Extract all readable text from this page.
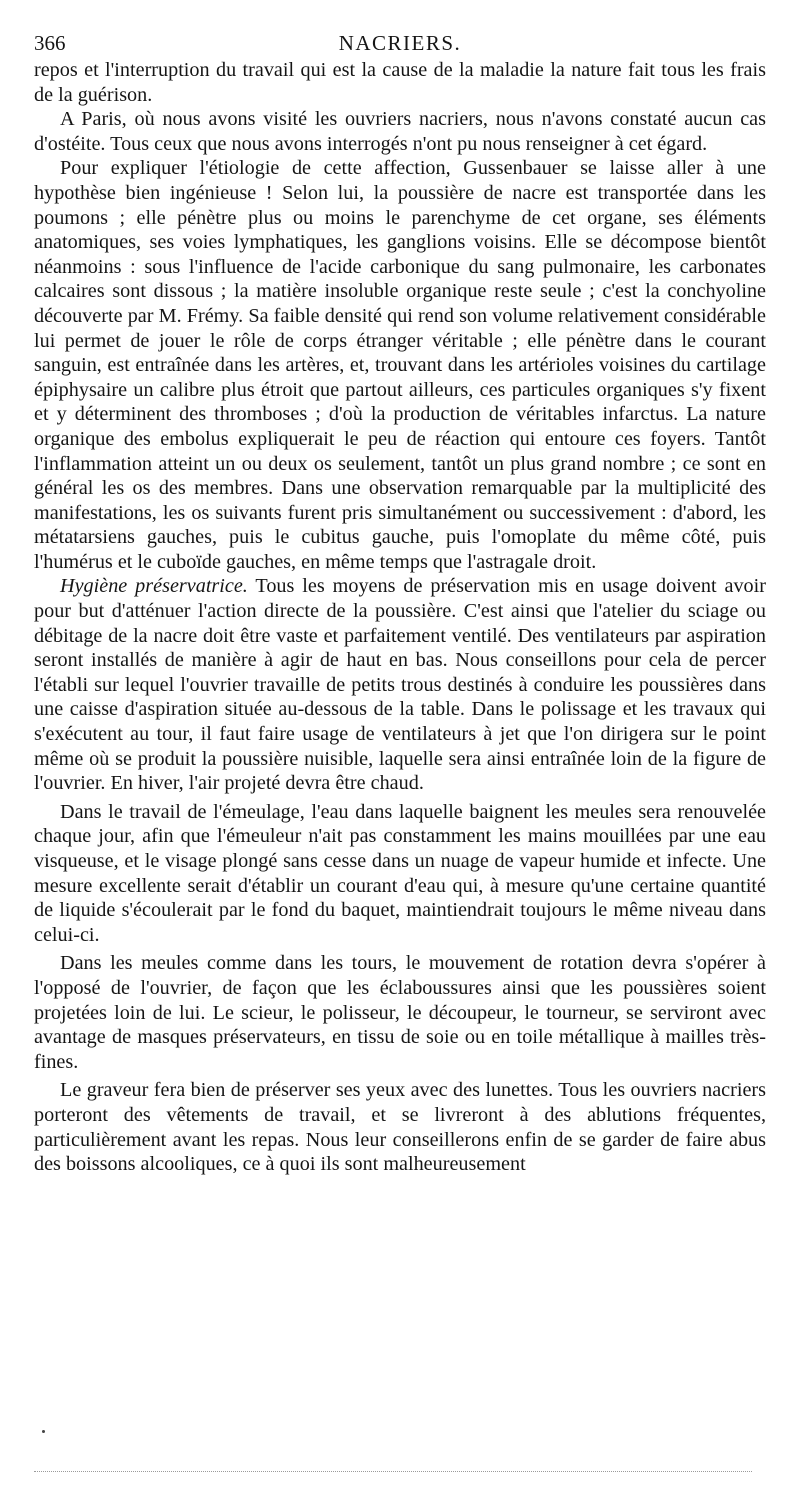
366	NACRIERS.

repos et l'interruption du travail qui est la cause de la maladie la nature fait tous les frais de la guérison.

A Paris, où nous avons visité les ouvriers nacriers, nous n'avons constaté aucun cas d'ostéite. Tous ceux que nous avons interrogés n'ont pu nous renseigner à cet égard.

Pour expliquer l'étiologie de cette affection, Gussenbauer se laisse aller à une hypothèse bien ingénieuse ! Selon lui, la poussière de nacre est transportée dans les poumons ; elle pénètre plus ou moins le parenchyme de cet organe, ses éléments anatomiques, ses voies lymphatiques, les ganglions voisins. Elle se décompose bientôt néanmoins : sous l'influence de l'acide carbonique du sang pulmonaire, les carbonates calcaires sont dissous ; la matière insoluble organique reste seule ; c'est la conchyoline découverte par M. Frémy. Sa faible densité qui rend son volume relativement considérable lui permet de jouer le rôle de corps étranger véritable ; elle pénètre dans le courant sanguin, est entraînée dans les artères, et, trouvant dans les artérioles voisines du cartilage épiphysaire un calibre plus étroit que partout ailleurs, ces particules organiques s'y fixent et y déterminent des thromboses ; d'où la production de véritables infarctus. La nature organique des embolus expliquerait le peu de réaction qui entoure ces foyers. Tantôt l'inflammation atteint un ou deux os seulement, tantôt un plus grand nombre ; ce sont en général les os des membres. Dans une observation remarquable par la multiplicité des manifestations, les os suivants furent pris simultanément ou successivement : d'abord, les métatarsiens gauches, puis le cubitus gauche, puis l'omoplate du même côté, puis l'humérus et le cuboïde gauches, en même temps que l'astragale droit.

Hygiène préservatrice. Tous les moyens de préservation mis en usage doivent avoir pour but d'atténuer l'action directe de la poussière. C'est ainsi que l'atelier du sciage ou débitage de la nacre doit être vaste et parfaitement ventilé. Des ventilateurs par aspiration seront installés de manière à agir de haut en bas. Nous conseillons pour cela de percer l'établi sur lequel l'ouvrier travaille de petits trous destinés à conduire les poussières dans une caisse d'aspiration située au-dessous de la table. Dans le polissage et les travaux qui s'exécutent au tour, il faut faire usage de ventilateurs à jet que l'on dirigera sur le point même où se produit la poussière nuisible, laquelle sera ainsi entraînée loin de la figure de l'ouvrier. En hiver, l'air projeté devra être chaud.

Dans le travail de l'émeulage, l'eau dans laquelle baignent les meules sera renouvelée chaque jour, afin que l'émeuleur n'ait pas constamment les mains mouillées par une eau visqueuse, et le visage plongé sans cesse dans un nuage de vapeur humide et infecte. Une mesure excellente serait d'établir un courant d'eau qui, à mesure qu'une certaine quantité de liquide s'écoulerait par le fond du baquet, maintiendrait toujours le même niveau dans celui-ci.

Dans les meules comme dans les tours, le mouvement de rotation devra s'opérer à l'opposé de l'ouvrier, de façon que les éclaboussures ainsi que les poussières soient projetées loin de lui. Le scieur, le polisseur, le découpeur, le tourneur, se serviront avec avantage de masques préservateurs, en tissu de soie ou en toile métallique à mailles très-fines.

Le graveur fera bien de préserver ses yeux avec des lunettes. Tous les ouvriers nacriers porteront des vêtements de travail, et se livreront à des ablutions fréquentes, particulièrement avant les repas. Nous leur conseillerons enfin de se garder de faire abus des boissons alcooliques, ce à quoi ils sont malheureusement
